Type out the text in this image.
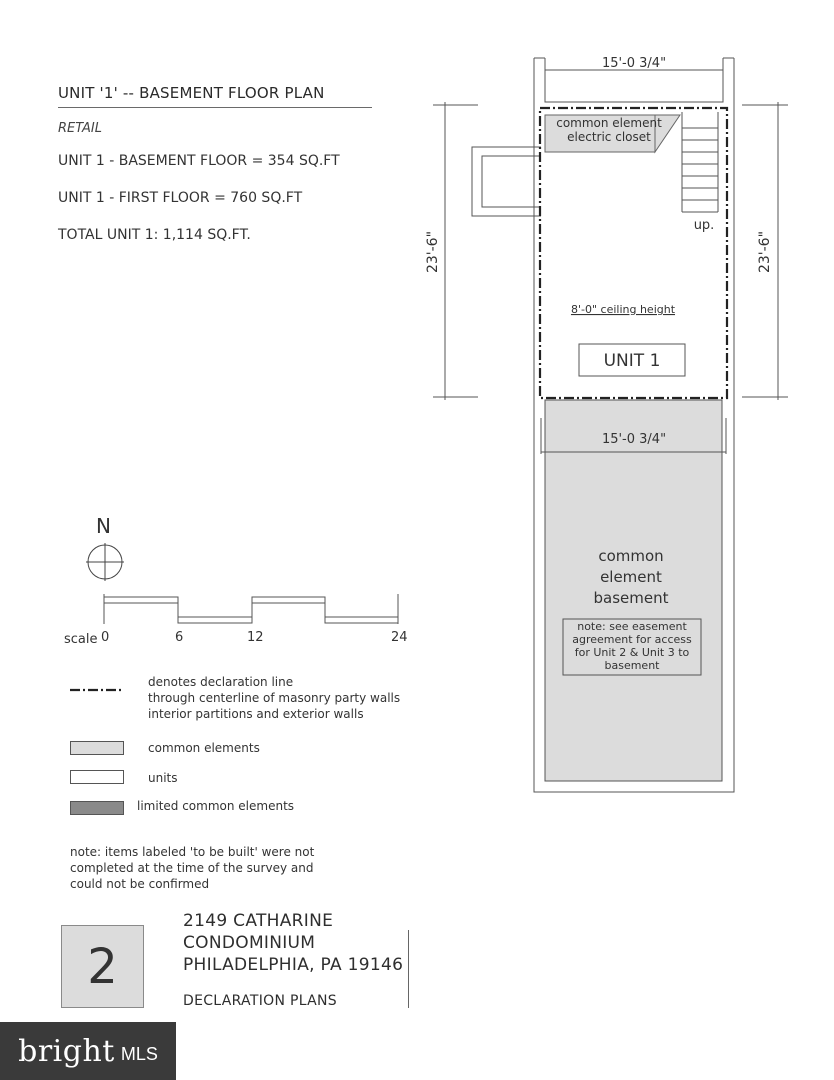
UNIT '1' -- BASEMENT FLOOR PLAN
RETAIL
UNIT 1 - BASEMENT FLOOR = 354 SQ.FT
UNIT 1 - FIRST FLOOR = 760 SQ.FT
TOTAL UNIT 1: 1,114 SQ.FT.
15'-0 3/4"
23'-6"	23'-6"
common element
electric closet
up.
8'-0" ceiling height
UNIT 1
15'-0 3/4"
common
element
basement
note: see easement
agreement for access
for Unit 2 & Unit 3 to
basement
N
scale 0	6	12	24
denotes declaration line
through centerline of masonry party walls
interior partitions and exterior walls
common elements
units
limited common elements
note: items labeled 'to be built' were not
completed at the time of the survey and
could not be confirmed
2
2149 CATHARINE
CONDOMINIUM
PHILADELPHIA, PA 19146
DECLARATION PLANS
bright MLS
